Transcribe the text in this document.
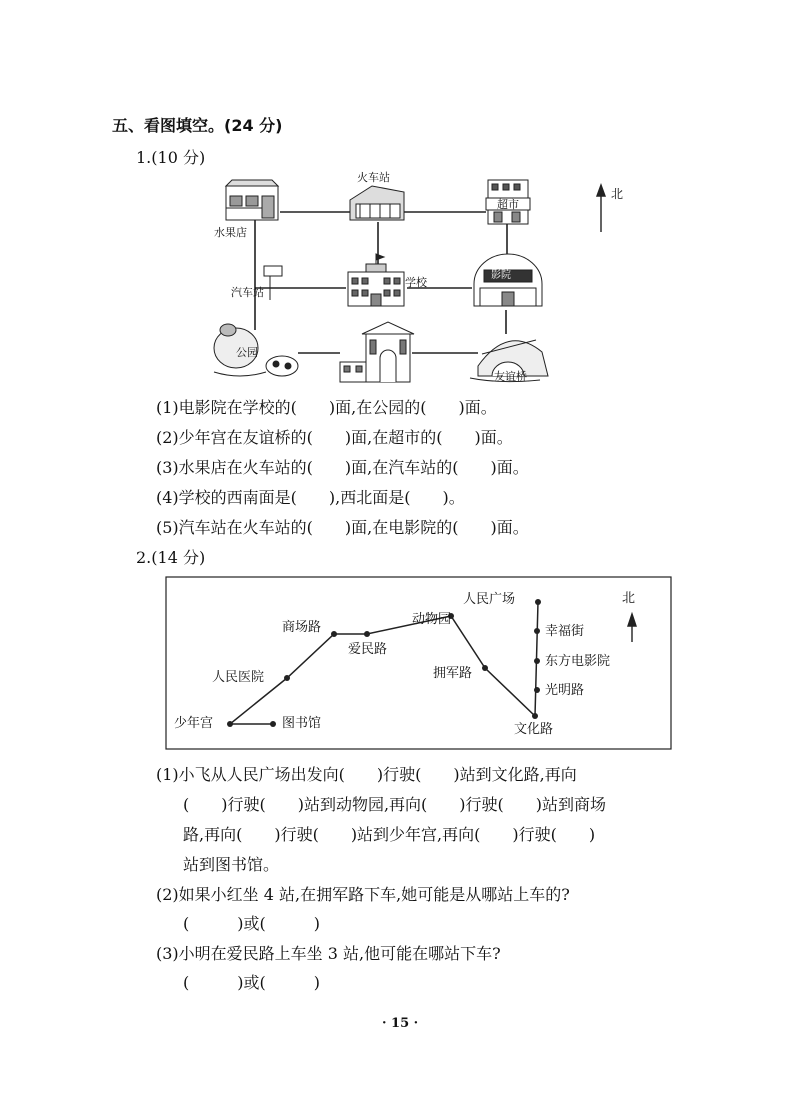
五、看图填空。(24 分)
1.(10 分)
水果店
火车站
超市
汽车站
学校
影院
公园
友谊桥
北
(1)电影院在学校的(　　)面,在公园的(　　)面。
(2)少年宫在友谊桥的(　　)面,在超市的(　　)面。
(3)水果店在火车站的(　　)面,在汽车站的(　　)面。
(4)学校的西南面是(　　),西北面是(　　)。
(5)汽车站在火车站的(　　)面,在电影院的(　　)面。
2.(14 分)
少年宫	图书馆
人民医院
商场路
爱民路
动物园
拥军路
文化路
人民广场
幸福街
东方电影院
光明路
北
(1)小飞从人民广场出发向(　　)行驶(　　)站到文化路,再向
(　　)行驶(　　)站到动物园,再向(　　)行驶(　　)站到商场
路,再向(　　)行驶(　　)站到少年宫,再向(　　)行驶(　　)
站到图书馆。
(2)如果小红坐 4 站,在拥军路下车,她可能是从哪站上车的?
(　　　)或(　　　)
(3)小明在爱民路上车坐 3 站,他可能在哪站下车?
(　　　)或(　　　)
· 15 ·
